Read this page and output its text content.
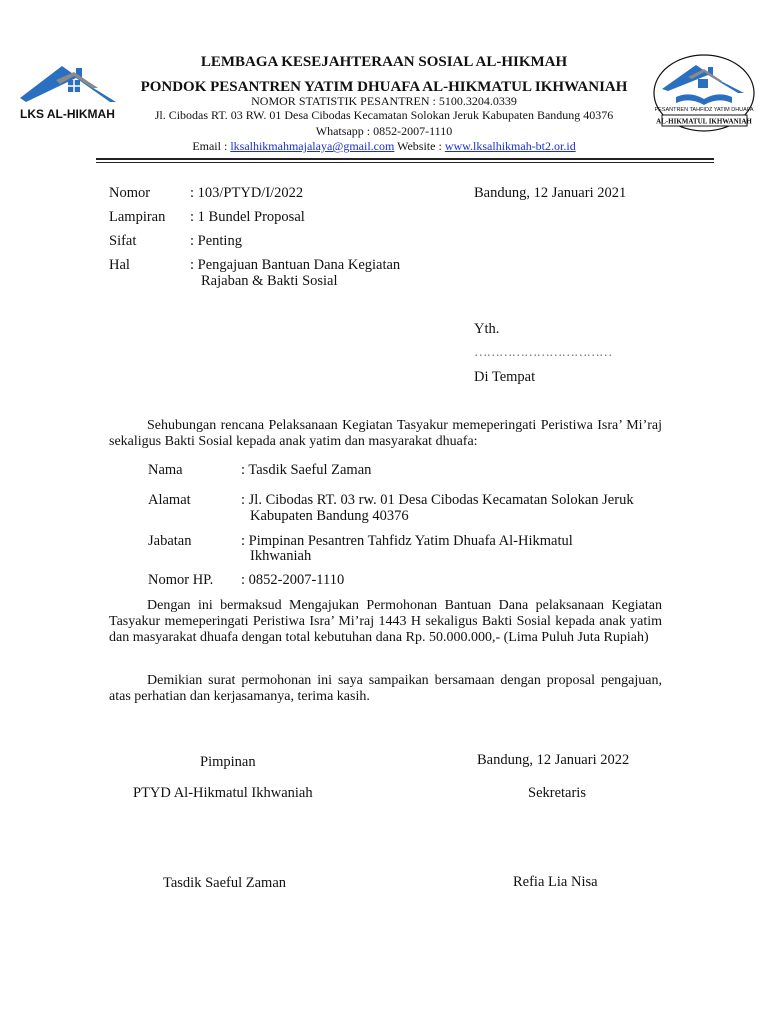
LKS AL-HIKMAH	PESANTREN TAHFIDZ YATIM DHUAFA
AL-HIKMATUL IKHWANIAH
LEMBAGA KESEJAHTERAAN SOSIAL AL-HIKMAH
PONDOK PESANTREN YATIM DHUAFA AL-HIKMATUL IKHWANIAH
NOMOR STATISTIK PESANTREN : 5100.3204.0339
Jl. Cibodas RT. 03 RW. 01 Desa Cibodas Kecamatan Solokan Jeruk Kabupaten Bandung 40376
Whatsapp : 0852-2007-1110
Email : lksalhikmahmajalaya@gmail.com Website : www.lksalhikmah-bt2.or.id
Nomor	: 103/PTYD/I/2022	Bandung, 12 Januari 2021
Lampiran : 1 Bundel Proposal
Sifat	: Penting
Hal	: Pengajuan Bantuan Dana Kegiatan
Rajaban & Bakti Sosial
Yth.
……………………………
Di Tempat
Sehubungan rencana Pelaksanaan Kegiatan Tasyakur memeperingati Peristiwa Isra’ Mi’raj sekaligus Bakti Sosial kepada anak yatim dan masyarakat dhuafa:
Nama	: Tasdik Saeful Zaman
Alamat	: Jl. Cibodas RT. 03 rw. 01 Desa Cibodas Kecamatan Solokan Jeruk
Kabupaten Bandung 40376
Jabatan	: Pimpinan Pesantren Tahfidz Yatim Dhuafa Al-Hikmatul
Ikhwaniah
Nomor HP. : 0852-2007-1110
Dengan ini bermaksud Mengajukan Permohonan Bantuan Dana pelaksanaan Kegiatan Tasyakur memeperingati Peristiwa Isra’ Mi’raj 1443 H sekaligus Bakti Sosial kepada anak yatim dan masyarakat dhuafa dengan total kebutuhan dana Rp. 50.000.000,- (Lima Puluh Juta Rupiah)
Demikian surat permohonan ini saya sampaikan bersamaan dengan proposal pengajuan, atas perhatian dan kerjasamanya, terima kasih.
Pimpinan
PTYD Al-Hikmatul Ikhwaniah
Tasdik Saeful Zaman
Bandung, 12 Januari 2022
Sekretaris
Refia Lia Nisa
